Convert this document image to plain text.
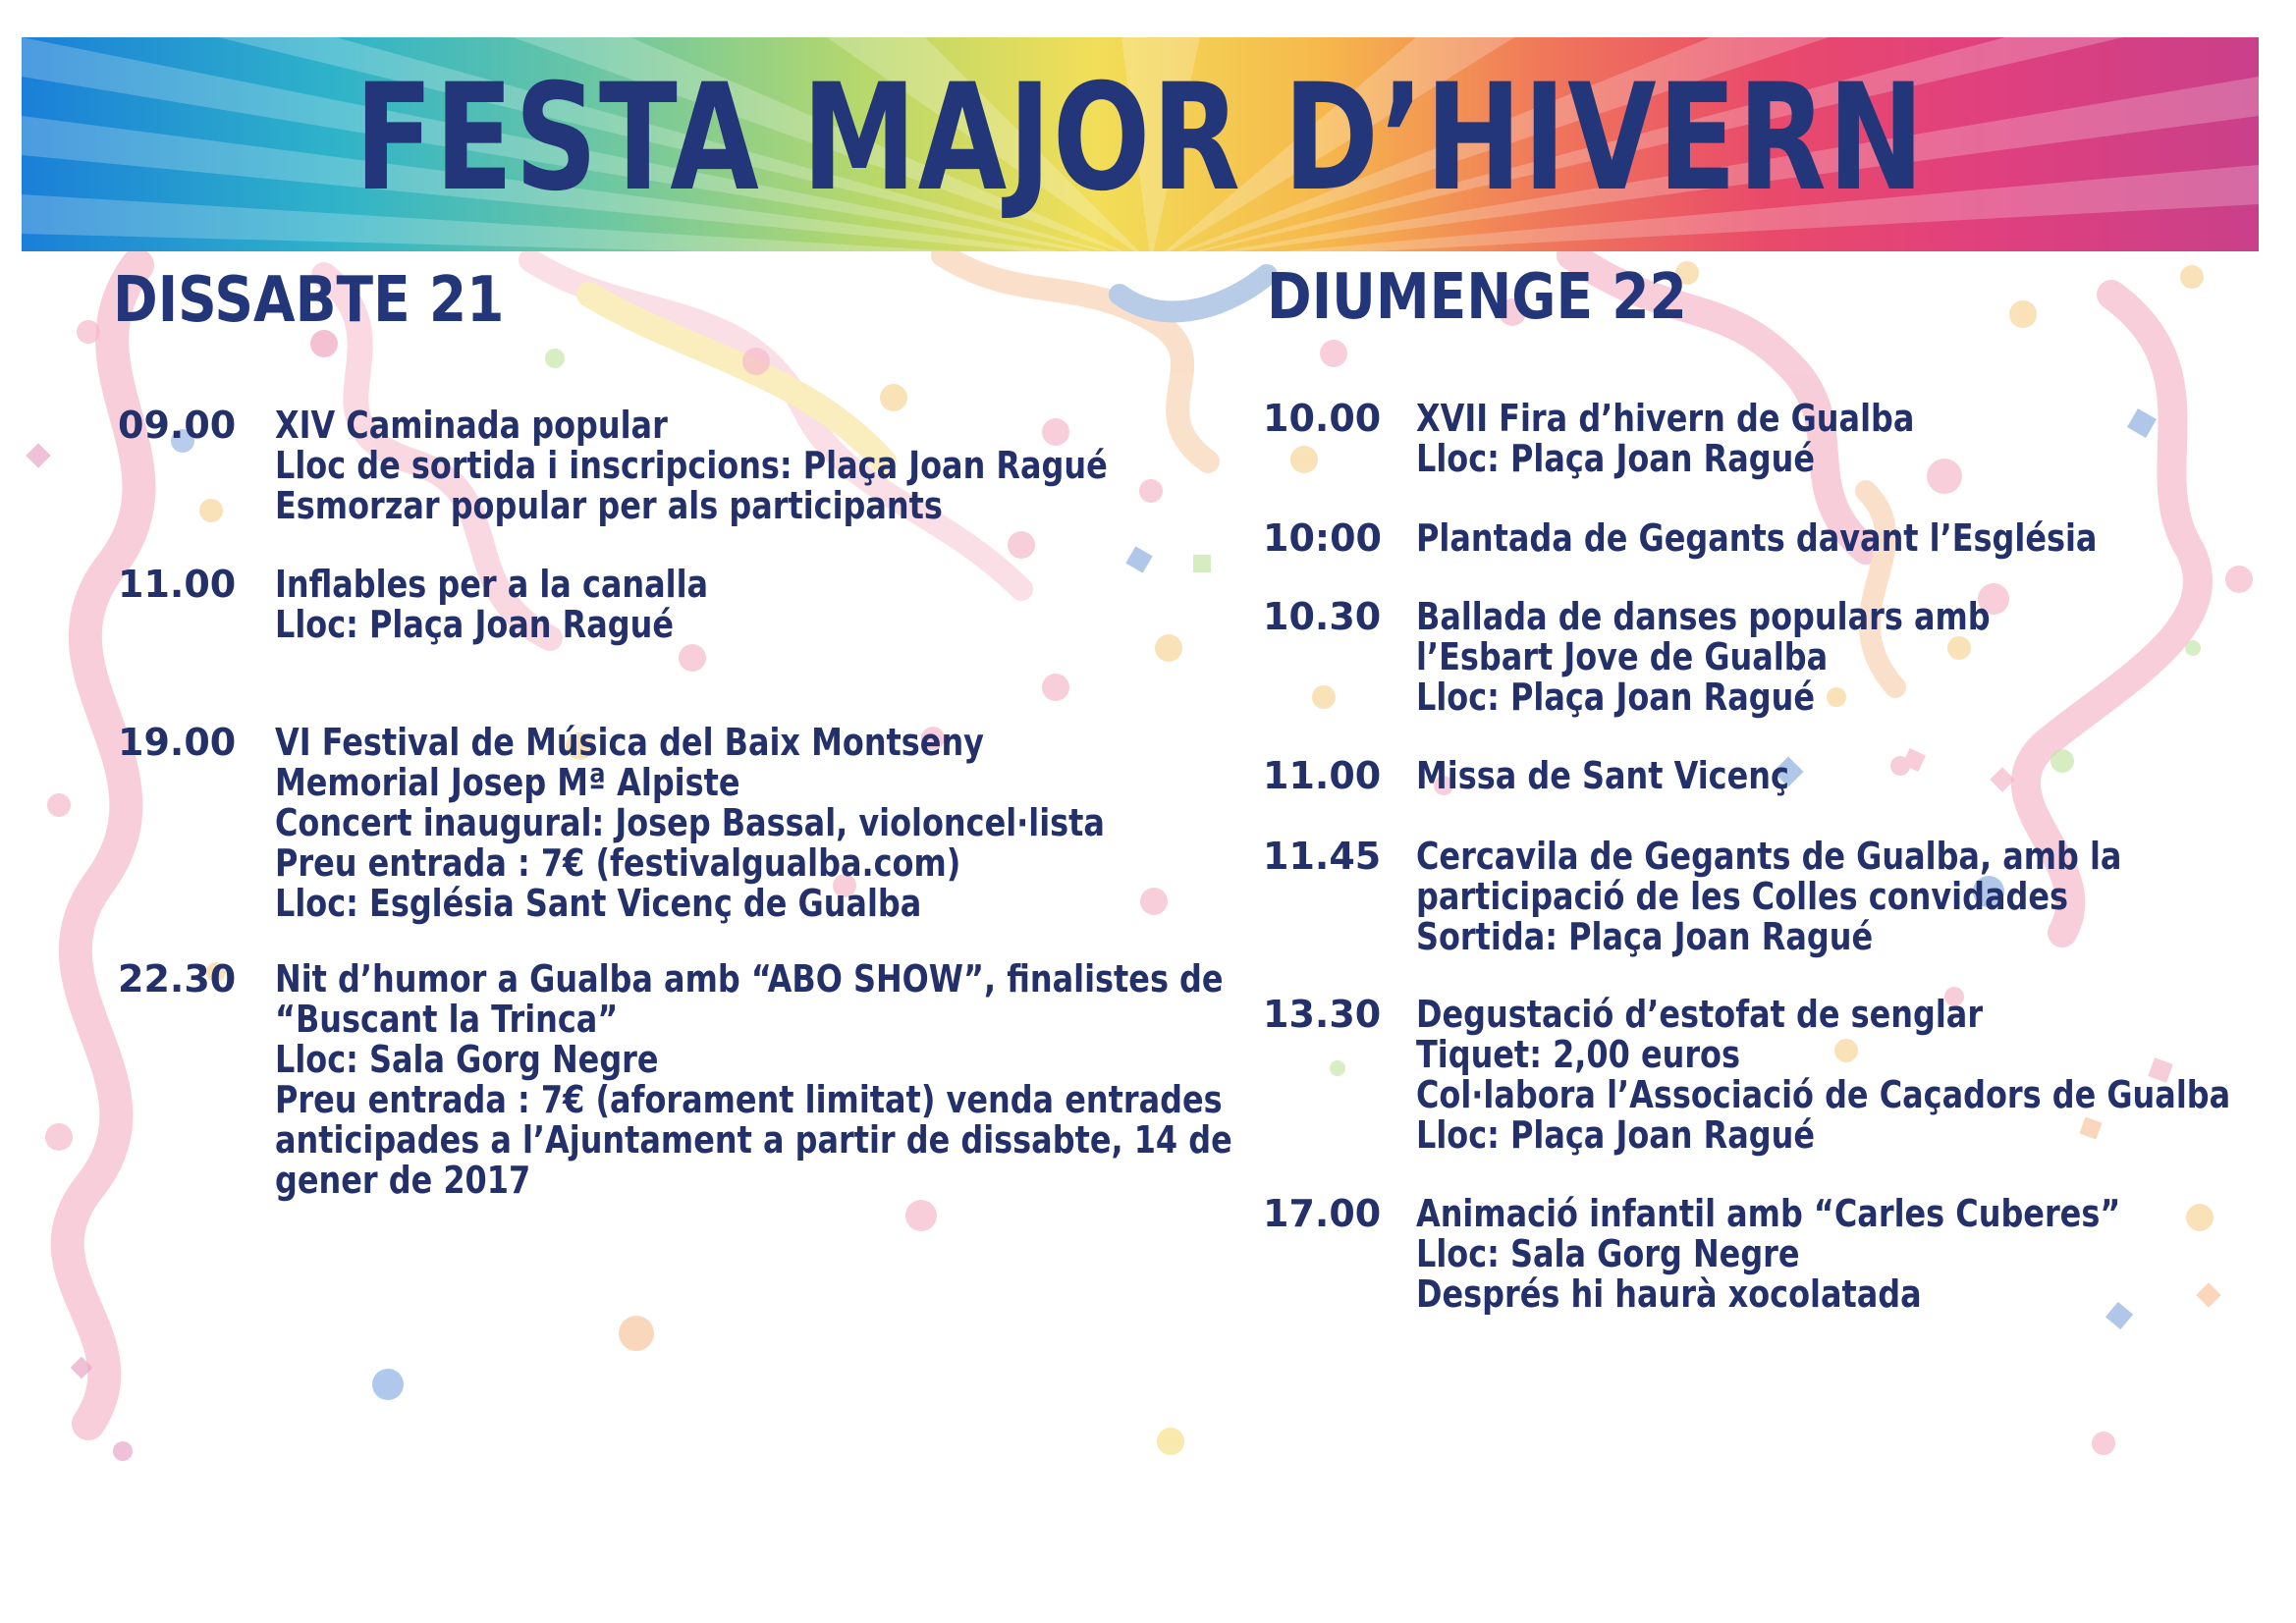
FESTA MAJOR D’HIVERN
DISSABTE 21
09.00	XIV Caminada popular
Lloc de sortida i inscripcions: Plaça Joan Ragué
Esmorzar popular per als participants
11.00	Inflables per a la canalla
Lloc: Plaça Joan Ragué
19.00	VI Festival de Música del Baix Montseny
Memorial Josep Mª Alpiste
Concert inaugural: Josep Bassal, violoncel·lista
Preu entrada : 7€ (festivalgualba.com)
Lloc: Església Sant Vicenç de Gualba
22.30	Nit d’humor a Gualba amb “ABO SHOW”, finalistes de
“Buscant la Trinca”
Lloc: Sala Gorg Negre
Preu entrada : 7€ (aforament limitat) venda entrades
anticipades a l’Ajuntament a partir de dissabte, 14 de
gener de 2017
DIUMENGE 22
10.00 XVII Fira d’hivern de Gualba
Lloc: Plaça Joan Ragué
10:00 Plantada de Gegants davant l’Església
10.30 Ballada de danses populars amb
l’Esbart Jove de Gualba
Lloc: Plaça Joan Ragué
11.00 Missa de Sant Vicenç
11.45 Cercavila de Gegants de Gualba, amb la
participació de les Colles convidades
Sortida: Plaça Joan Ragué
13.30 Degustació d’estofat de senglar
Tiquet: 2,00 euros
Col·labora l’Associació de Caçadors de Gualba
Lloc: Plaça Joan Ragué
17.00 Animació infantil amb “Carles Cuberes”
Lloc: Sala Gorg Negre
Després hi haurà xocolatada
